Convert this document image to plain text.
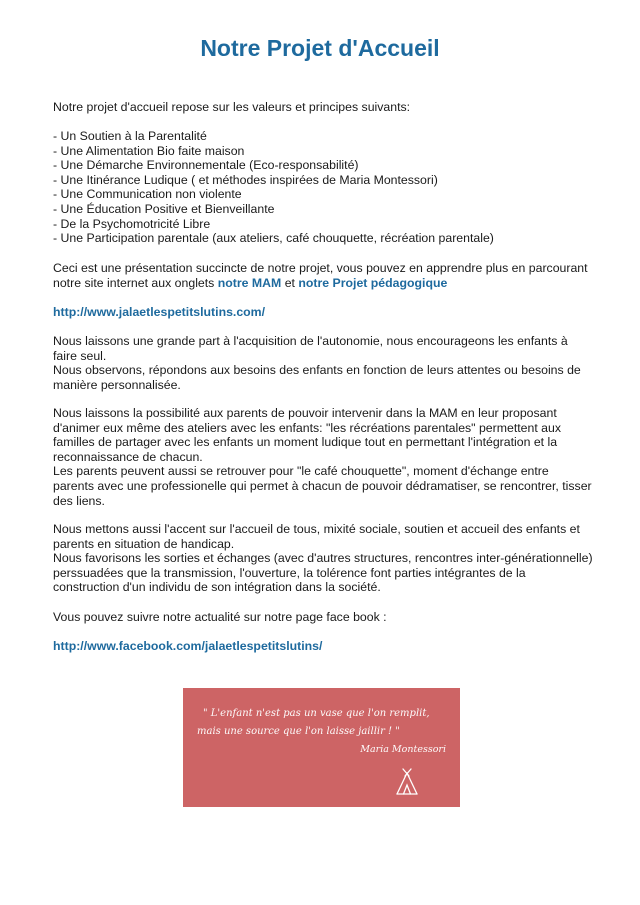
Notre Projet d'Accueil

Notre projet d'accueil repose sur les valeurs et principes suivants:

- Un Soutien à la Parentalité
- Une Alimentation Bio faite maison
- Une Démarche Environnementale (Eco-responsabilité)
- Une Itinérance Ludique ( et méthodes inspirées de Maria Montessori)
- Une Communication non violente
- Une Éducation Positive et Bienveillante
- De la Psychomotricité Libre
- Une Participation parentale (aux ateliers, café chouquette, récréation parentale)

Ceci est une présentation succincte de notre projet, vous pouvez en apprendre plus en parcourant notre site internet aux onglets notre MAM et notre Projet pédagogique

http://www.jalaetlespetitslutins.com/

Nous laissons une grande part à l'acquisition de l'autonomie, nous encourageons les enfants à faire seul.

Nous observons, répondons aux besoins des enfants en fonction de leurs attentes ou besoins de manière personnalisée.

Nous laissons la possibilité aux parents de pouvoir intervenir dans la MAM en leur proposant d'animer eux même des ateliers avec les enfants: "les récréations parentales" permettent aux familles de partager avec les enfants un moment ludique tout en permettant l'intégration et la reconnaissance de chacun.

Les parents peuvent aussi se retrouver pour "le café chouquette", moment d'échange entre parents avec une professionelle qui permet à chacun de pouvoir dédramatiser, se rencontrer, tisser des liens.

Nous mettons aussi l'accent sur l'accueil de tous, mixité sociale, soutien et accueil des enfants et parents en situation de handicap.

Nous favorisons les sorties et échanges (avec d'autres structures, rencontres inter-générationnelle) perssuadées que la transmission, l'ouverture, la tolérence font parties intégrantes de la construction d'un individu de son intégration dans la société.

Vous pouvez suivre notre actualité sur notre page face book :

http://www.facebook.com/jalaetlespetitslutins/
" L'enfant n'est pas un vase que l'on remplit,
mais une source que l'on laisse jaillir ! "
Maria Montessori
